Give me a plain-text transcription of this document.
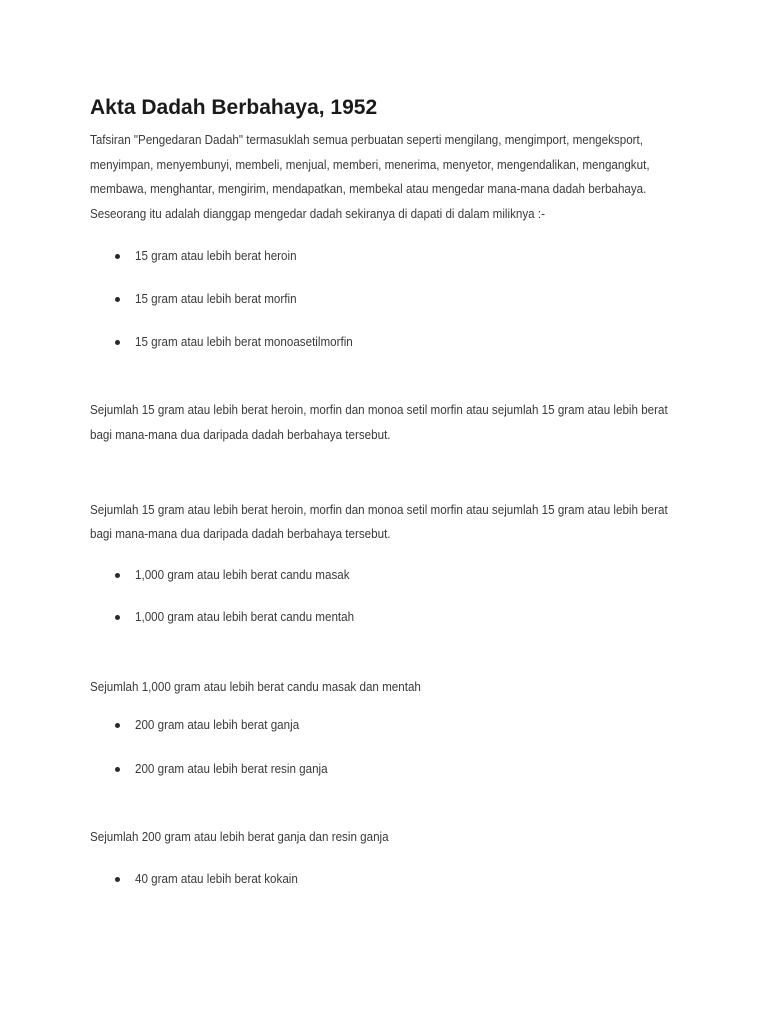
Akta Dadah Berbahaya, 1952

Tafsiran "Pengedaran Dadah" termasuklah semua perbuatan seperti mengilang, mengimport, mengeksport, menyimpan, menyembunyi, membeli, menjual, memberi, menerima, menyetor, mengendalikan, mengangkut, membawa, menghantar, mengirim, mendapatkan, membekal atau mengedar mana-mana dadah berbahaya. Seseorang itu adalah dianggap mengedar dadah sekiranya di dapati di dalam miliknya :-

15 gram atau lebih berat heroin
15 gram atau lebih berat morfin
15 gram atau lebih berat monoasetilmorfin

Sejumlah 15 gram atau lebih berat heroin, morfin dan monoa setil morfin atau sejumlah 15 gram atau lebih berat bagi mana-mana dua daripada dadah berbahaya tersebut.

Sejumlah 15 gram atau lebih berat heroin, morfin dan monoa setil morfin atau sejumlah 15 gram atau lebih berat bagi mana-mana dua daripada dadah berbahaya tersebut.

1,000 gram atau lebih berat candu masak
1,000 gram atau lebih berat candu mentah

Sejumlah 1,000 gram atau lebih berat candu masak dan mentah

200 gram atau lebih berat ganja
200 gram atau lebih berat resin ganja

Sejumlah 200 gram atau lebih berat ganja dan resin ganja

40 gram atau lebih berat kokain
